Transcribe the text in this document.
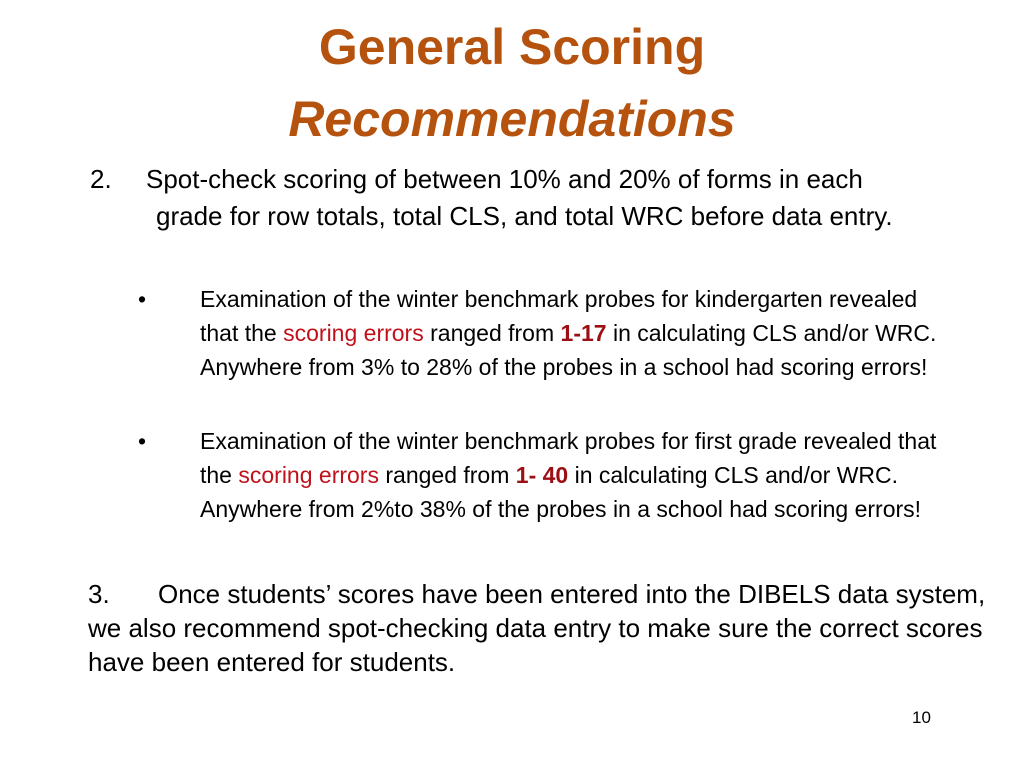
General Scoring
Recommendations

2.	Spot-check scoring of between 10% and 20% of forms in each grade for row totals, total CLS, and total WRC before data entry.

•	Examination of the winter benchmark probes for kindergarten revealed that the scoring errors ranged from 1-17 in calculating CLS and/or WRC. Anywhere from 3% to 28% of the probes in a school had scoring errors!

•	Examination of the winter benchmark probes for first grade revealed that the scoring errors ranged from 1- 40 in calculating CLS and/or WRC. Anywhere from 2%to 38% of the probes in a school had scoring errors!

3. Once students’ scores have been entered into the DIBELS data system, we also recommend spot-checking data entry to make sure the correct scores have been entered for students.

10
